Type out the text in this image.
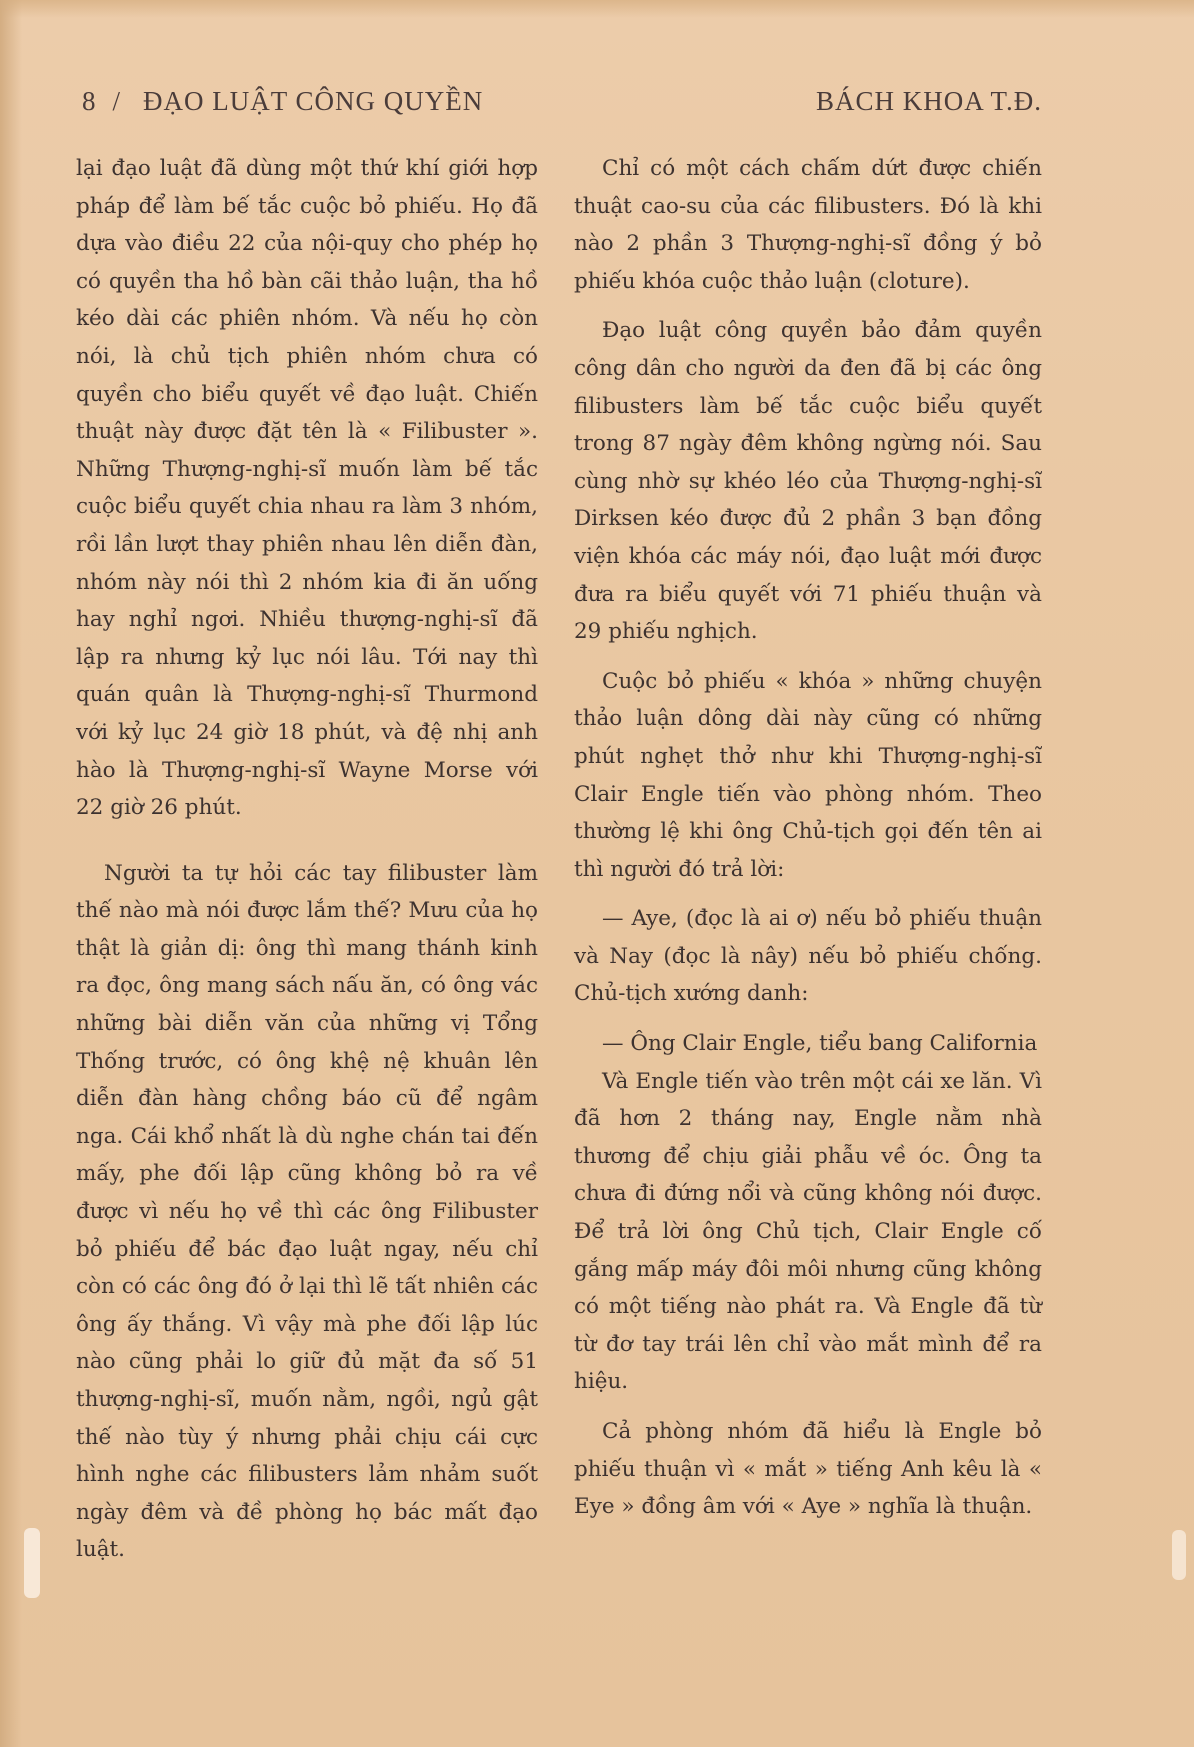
8 / ĐẠO LUẬT CÔNG QUYỀN	BÁCH KHOA T.Đ.

lại đạo luật đã dùng một thứ khí giới hợp pháp để làm bế tắc cuộc bỏ phiếu. Họ đã dựa vào điều 22 của nội-quy cho phép họ có quyền tha hồ bàn cãi thảo luận, tha hồ kéo dài các phiên nhóm. Và nếu họ còn nói, là chủ tịch phiên nhóm chưa có quyền cho biểu quyết về đạo luật. Chiến thuật này được đặt tên là « Filibuster ». Những Thượng-nghị-sĩ muốn làm bế tắc cuộc biểu quyết chia nhau ra làm 3 nhóm, rồi lần lượt thay phiên nhau lên diễn đàn, nhóm này nói thì 2 nhóm kia đi ăn uống hay nghỉ ngơi. Nhiều thượng-nghị-sĩ đã lập ra nhưng kỷ lục nói lâu. Tới nay thì quán quân là Thượng-nghị-sĩ Thurmond với kỷ lục 24 giờ 18 phút, và đệ nhị anh hào là Thượng-nghị-sĩ Wayne Morse với 22 giờ 26 phút.

Người ta tự hỏi các tay filibuster làm thế nào mà nói được lắm thế? Mưu của họ thật là giản dị: ông thì mang thánh kinh ra đọc, ông mang sách nấu ăn, có ông vác những bài diễn văn của những vị Tổng Thống trước, có ông khệ nệ khuân lên diễn đàn hàng chồng báo cũ để ngâm nga. Cái khổ nhất là dù nghe chán tai đến mấy, phe đối lập cũng không bỏ ra về được vì nếu họ về thì các ông Filibuster bỏ phiếu để bác đạo luật ngay, nếu chỉ còn có các ông đó ở lại thì lẽ tất nhiên các ông ấy thắng. Vì vậy mà phe đối lập lúc nào cũng phải lo giữ đủ mặt đa số 51 thượng-nghị-sĩ, muốn nằm, ngồi, ngủ gật thế nào tùy ý nhưng phải chịu cái cực hình nghe các filibusters lảm nhảm suốt ngày đêm và đề phòng họ bác mất đạo luật.

Chỉ có một cách chấm dứt được chiến thuật cao-su của các filibusters. Đó là khi nào 2 phần 3 Thượng-nghị-sĩ đồng ý bỏ phiếu khóa cuộc thảo luận (cloture).

Đạo luật công quyền bảo đảm quyền công dân cho người da đen đã bị các ông filibusters làm bế tắc cuộc biểu quyết trong 87 ngày đêm không ngừng nói. Sau cùng nhờ sự khéo léo của Thượng-nghị-sĩ Dirksen kéo được đủ 2 phần 3 bạn đồng viện khóa các máy nói, đạo luật mới được đưa ra biểu quyết với 71 phiếu thuận và 29 phiếu nghịch.

Cuộc bỏ phiếu « khóa » những chuyện thảo luận dông dài này cũng có những phút nghẹt thở như khi Thượng-nghị-sĩ Clair Engle tiến vào phòng nhóm. Theo thường lệ khi ông Chủ-tịch gọi đến tên ai thì người đó trả lời:

— Aye, (đọc là ai ơ) nếu bỏ phiếu thuận và Nay (đọc là nây) nếu bỏ phiếu chống. Chủ-tịch xướng danh:

— Ông Clair Engle, tiểu bang California

Và Engle tiến vào trên một cái xe lăn. Vì đã hơn 2 tháng nay, Engle nằm nhà thương để chịu giải phẫu về óc. Ông ta chưa đi đứng nổi và cũng không nói được. Để trả lời ông Chủ tịch, Clair Engle cố gắng mấp máy đôi môi nhưng cũng không có một tiếng nào phát ra. Và Engle đã từ từ đơ tay trái lên chỉ vào mắt mình để ra hiệu.

Cả phòng nhóm đã hiểu là Engle bỏ phiếu thuận vì « mắt » tiếng Anh kêu là « Eye » đồng âm với « Aye » nghĩa là thuận.
